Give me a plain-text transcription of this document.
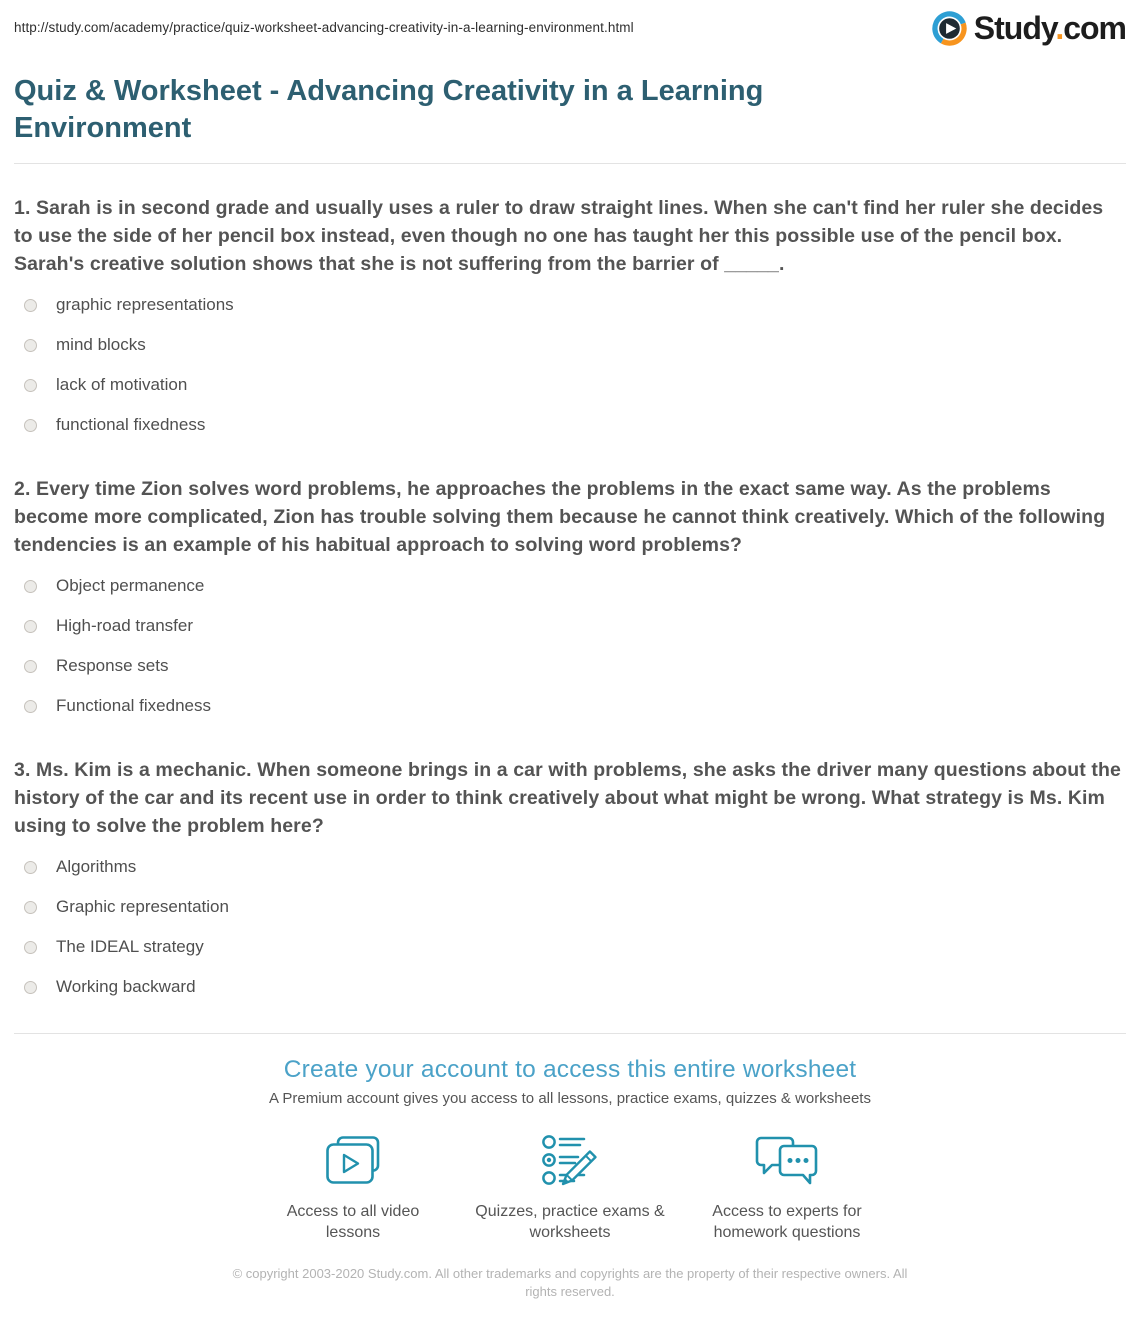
http://study.com/academy/practice/quiz-worksheet-advancing-creativity-in-a-learning-environment.html	Study.com
Quiz & Worksheet - Advancing Creativity in a Learning Environment

1. Sarah is in second grade and usually uses a ruler to draw straight lines. When she can't find her ruler she decides to use the side of her pencil box instead, even though no one has taught her this possible use of the pencil box. Sarah's creative solution shows that she is not suffering from the barrier of _____.

graphic representations
mind blocks
lack of motivation
functional fixedness

2. Every time Zion solves word problems, he approaches the problems in the exact same way. As the problems become more complicated, Zion has trouble solving them because he cannot think creatively. Which of the following tendencies is an example of his habitual approach to solving word problems?

Object permanence
High-road transfer
Response sets
Functional fixedness

3. Ms. Kim is a mechanic. When someone brings in a car with problems, she asks the driver many questions about the history of the car and its recent use in order to think creatively about what might be wrong. What strategy is Ms. Kim using to solve the problem here?

Algorithms
Graphic representation
The IDEAL strategy
Working backward
Create your account to access this entire worksheet

A Premium account gives you access to all lessons, practice exams, quizzes & worksheets

Access to all video lessons

Quizzes, practice exams & worksheets

Access to experts for homework questions

© copyright 2003-2020 Study.com. All other trademarks and copyrights are the property of their respective owners. All rights reserved.
